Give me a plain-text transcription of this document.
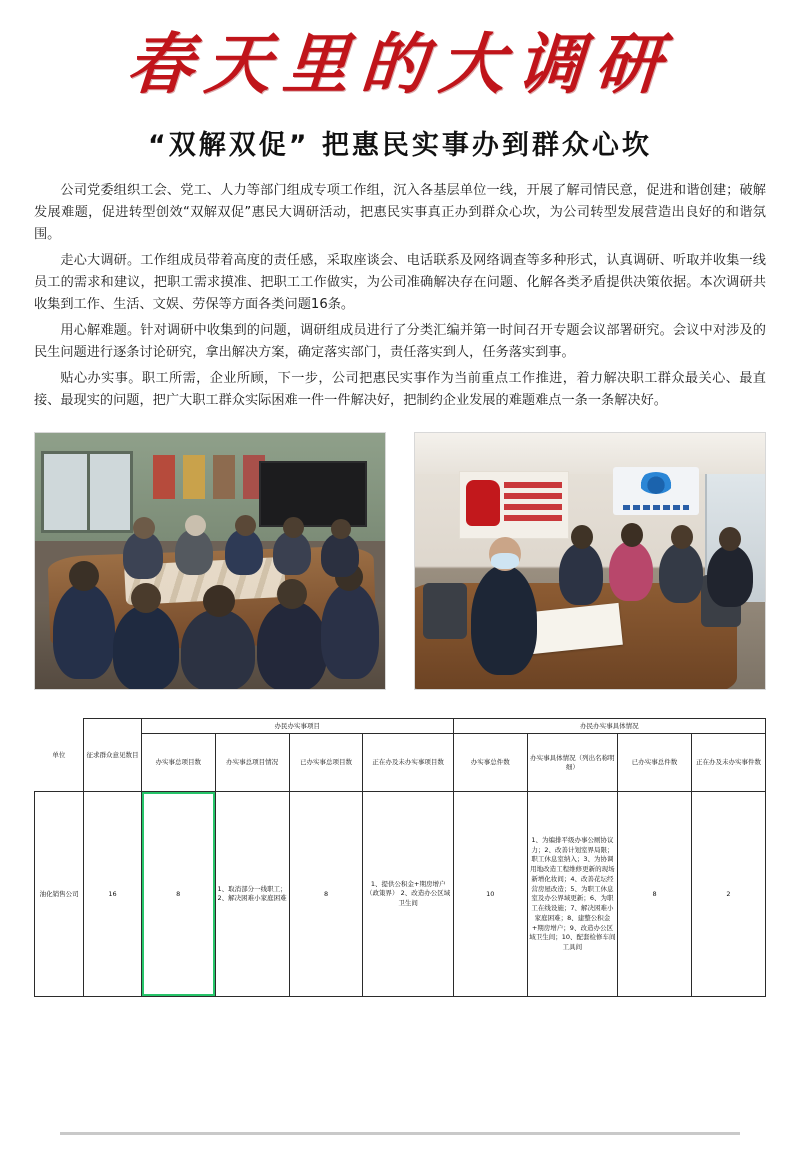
春天里的大调研
“双解双促” 把惠民实事办到群众心坎

公司党委组织工会、党工、人力等部门组成专项工作组，沉入各基层单位一线，开展了解司情民意，促进和谐创建；破解发展难题，促进转型创效“双解双促”惠民大调研活动，把惠民实事真正办到群众心坎，为公司转型发展营造出良好的和谐氛围。

走心大调研。工作组成员带着高度的责任感，采取座谈会、电话联系及网络调查等多种形式，认真调研、听取并收集一线员工的需求和建议，把职工需求摸准、把职工工作做实，为公司准确解决存在问题、化解各类矛盾提供决策依据。本次调研共收集到工作、生活、文娱、劳保等方面各类问题16条。

用心解难题。针对调研中收集到的问题，调研组成员进行了分类汇编并第一时间召开专题会议部署研究。会议中对涉及的民生问题进行逐条讨论研究，拿出解决方案，确定落实部门，责任落实到人，任务落实到事。

贴心办实事。职工所需，企业所顾，下一步，公司把惠民实事作为当前重点工作推进，着力解决职工群众最关心、最直接、最现实的问题，把广大职工群众实际困难一件一件解决好，把制约企业发展的难题难点一条一条解决好。

单位	征求群众意见数目	办民办实事项目				办民办实事具体情况			
		办实事总项目数	办实事总项目情况	已办实事总项目数	正在办及未办实事项目数	办实事总件数	办实事具体情况（列出名称明细）	已办实事总件数	正在办及未办实事件数
油化销售公司	16	8	1、取消部分一线职工； 2、解决困难小家庭困难	8	1、提供公积金+期房增户（政策界） 2、改造办公区域卫生间	10	1、为编排平级办事公厕协议力；2、改善计划室界局限；职工休息室纳入；3、为协调用地改造工程维修更新的现场新增化妆间；4、改善花坛经营房屋改造；5、为职工休息室及办公界域更新；6、为职工在线设施；7、解决困难小家庭困难；8、建整公积金+期房增户；9、改造办公区域卫生间；10、配套检修车间工具间	8	2
